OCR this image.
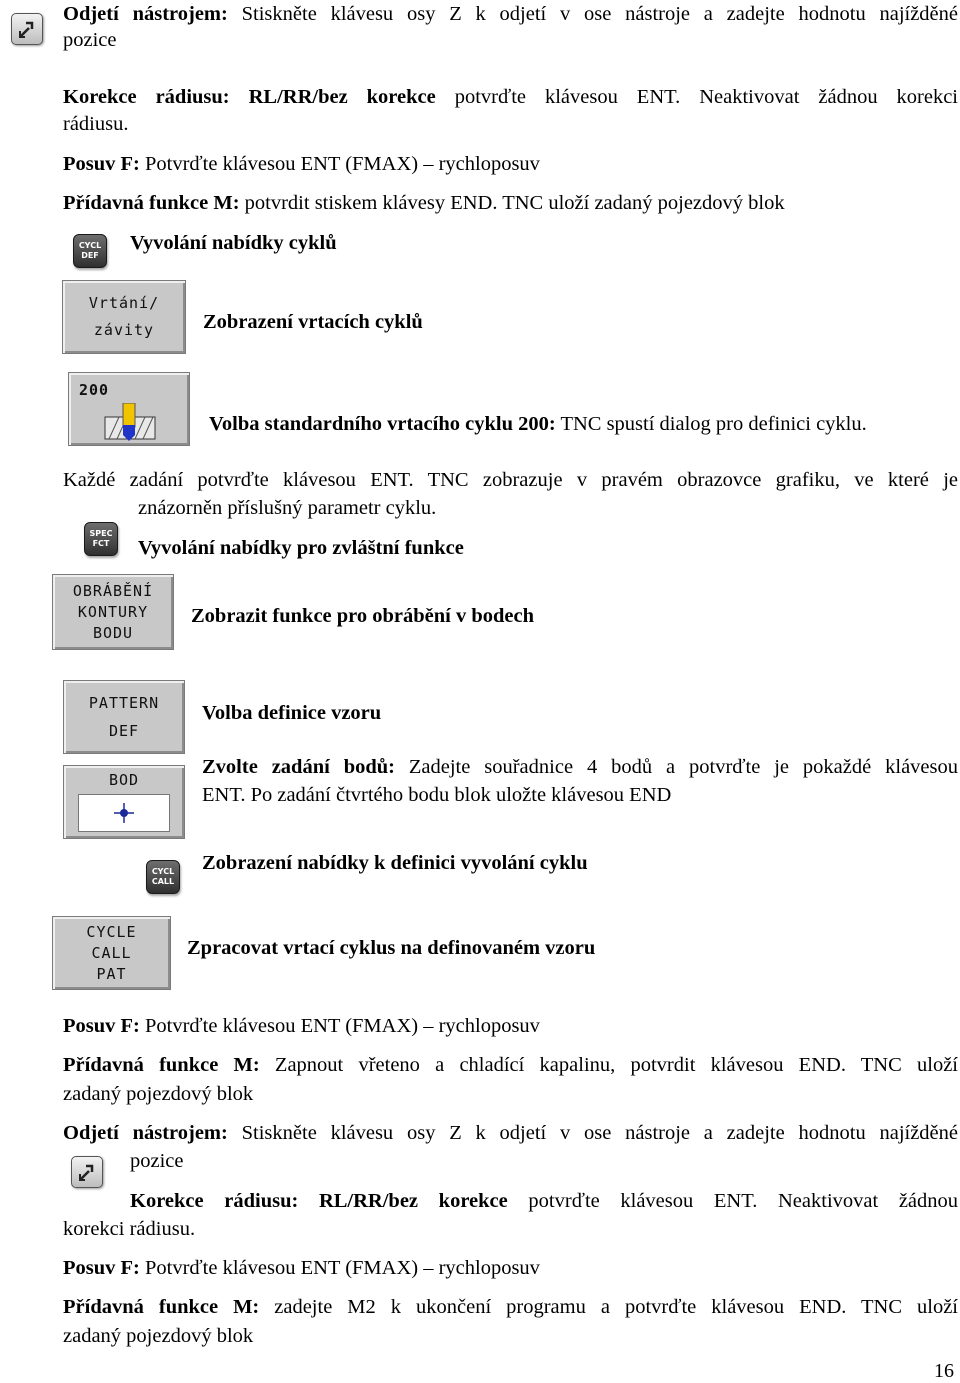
Odjetí nástrojem: Stiskněte klávesu osy Z k odjetí v ose nástroje a zadejte hodnotu najížděné
pozice
Korekce rádiusu: RL/RR/bez korekce potvrďte klávesou ENT. Neaktivovat žádnou korekci
rádiusu.
Posuv F: Potvrďte klávesou ENT (FMAX) – rychloposuv
Přídavná funkce M: potvrdit stiskem klávesy END. TNC uloží zadaný pojezdový blok
CYCL
DEF
Vyvolání nabídky cyklů
Vrtání/
závity	Zobrazení vrtacích cyklů
200
Volba standardního vrtacího cyklu 200: TNC spustí dialog pro definici cyklu.
Každé zadání potvrďte klávesou ENT. TNC zobrazuje v pravém obrazovce grafiku, ve které je
znázorněn příslušný parametr cyklu.
SPEC
FCT	Vyvolání nabídky pro zvláštní funkce
OBRÁBĚNÍ
KONTURY
BODU
Zobrazit funkce pro obrábění v bodech
PATTERN
DEF
Volba definice vzoru
BOD
Zvolte zadání bodů: Zadejte souřadnice 4 bodů a potvrďte je pokaždé klávesou
ENT. Po zadání čtvrtého bodu blok uložte klávesou END
CYCL
CALL
Zobrazení nabídky k definici vyvolání cyklu
CYCLE
CALL
PAT
Zpracovat vrtací cyklus na definovaném vzoru
Posuv F: Potvrďte klávesou ENT (FMAX) – rychloposuv
Přídavná funkce M: Zapnout vřeteno a chladící kapalinu, potvrdit klávesou END. TNC uloží
zadaný pojezdový blok
Odjetí nástrojem: Stiskněte klávesu osy Z k odjetí v ose nástroje a zadejte hodnotu najížděné
pozice
Korekce rádiusu: RL/RR/bez korekce potvrďte klávesou ENT. Neaktivovat žádnou
korekci rádiusu.
Posuv F: Potvrďte klávesou ENT (FMAX) – rychloposuv
Přídavná funkce M: zadejte M2 k ukončení programu a potvrďte klávesou END. TNC uloží
zadaný pojezdový blok
16
